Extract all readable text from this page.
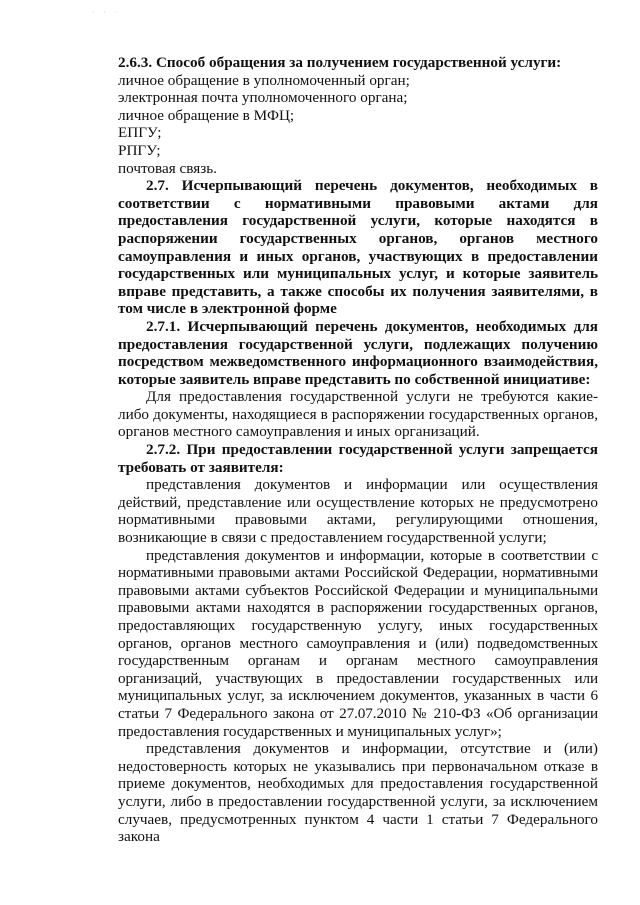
· · ·

2.6.3. Способ обращения за получением государственной услуги:

личное обращение в уполномоченный орган;

электронная почта уполномоченного органа;

личное обращение в МФЦ;

ЕПГУ;

РПГУ;

почтовая связь.

2.7. Исчерпывающий перечень документов, необходимых в соответствии с нормативными правовыми актами для предоставления государственной услуги, которые находятся в распоряжении государственных органов, органов местного самоуправления и иных органов, участвующих в предоставлении государственных или муниципальных услуг, и которые заявитель вправе представить, а также способы их получения заявителями, в том числе в электронной форме

2.7.1. Исчерпывающий перечень документов, необходимых для предоставления государственной услуги, подлежащих получению посредством межведомственного информационного взаимодействия, которые заявитель вправе представить по собственной инициативе:

Для предоставления государственной услуги не требуются какие-либо документы, находящиеся в распоряжении государственных органов, органов местного самоуправления и иных организаций.

2.7.2. При предоставлении государственной услуги запрещается требовать от заявителя:

представления документов и информации или осуществления действий, представление или осуществление которых не предусмотрено нормативными правовыми актами, регулирующими отношения, возникающие в связи с предоставлением государственной услуги;

представления документов и информации, которые в соответствии с нормативными правовыми актами Российской Федерации, нормативными правовыми актами субъектов Российской Федерации и муниципальными правовыми актами находятся в распоряжении государственных органов, предоставляющих государственную услугу, иных государственных органов, органов местного самоуправления и (или) подведомственных государственным органам и органам местного самоуправления организаций, участвующих в предоставлении государственных или муниципальных услуг, за исключением документов, указанных в части 6 статьи 7 Федерального закона от 27.07.2010 № 210-ФЗ «Об организации предоставления государственных и муниципальных услуг»;

представления документов и информации, отсутствие и (или) недостоверность которых не указывались при первоначальном отказе в приеме документов, необходимых для предоставления государственной услуги, либо в предоставлении государственной услуги, за исключением случаев, предусмотренных пунктом 4 части 1 статьи 7 Федерального закона
